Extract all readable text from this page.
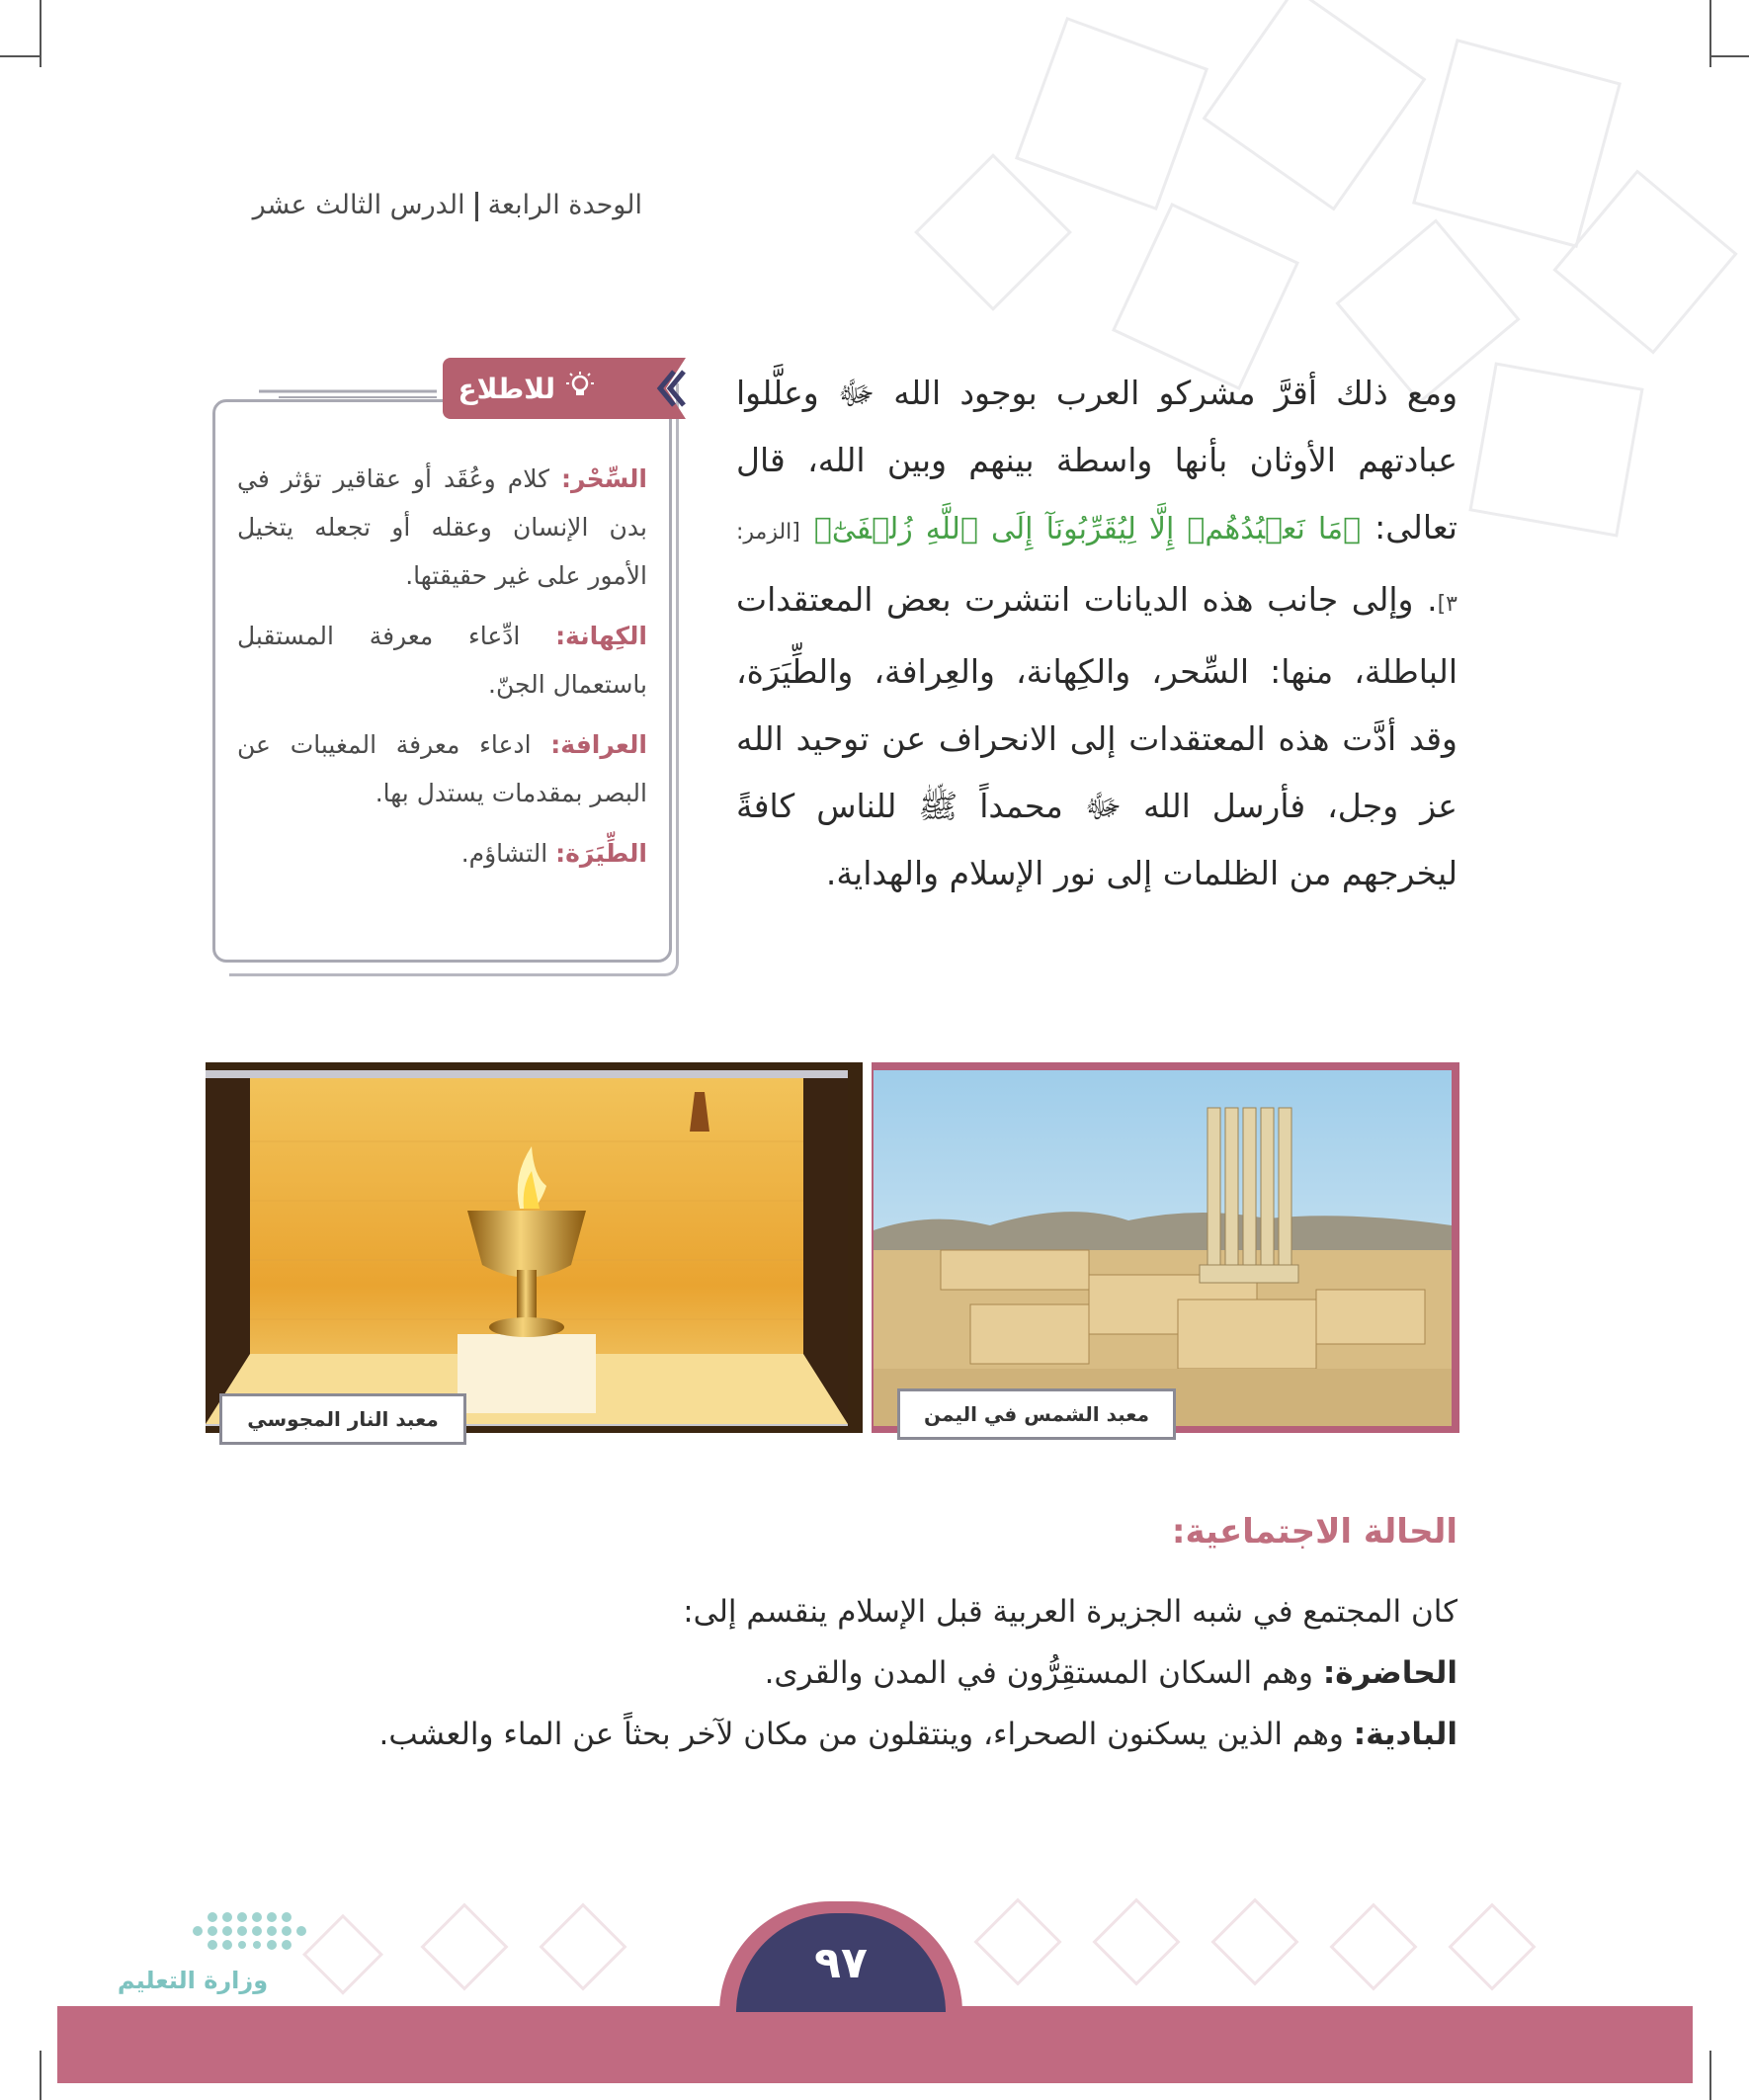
الوحدة الرابعةالدرس الثالث عشر
ومع ذلك أقرَّ مشركو العرب بوجود الله ﷻ وعلَّلوا عبادتهم الأوثان بأنها واسطة بينهم وبين الله، قال تعالى: ﴿مَا نَعۡبُدُهُمۡ إِلَّا لِيُقَرِّبُونَآ إِلَى ٱللَّهِ زُلۡفَىٰٓ﴾ [الزمر: ٣]. وإلى جانب هذه الديانات انتشرت بعض المعتقدات الباطلة، منها: السِّحر، والكِهانة، والعِرافة، والطِّيَرَة، وقد أدَّت هذه المعتقدات إلى الانحراف عن توحيد الله عز وجل، فأرسل الله ﷻ محمداً ﷺ للناس كافةً ليخرجهم من الظلمات إلى نور الإسلام والهداية.
للاطلاع

السِّحْر: كلام وعُقَد أو عقاقير تؤثر في بدن الإنسان وعقله أو تجعله يتخيل الأمور على غير حقيقتها.

الكِهانة: ادِّعاء معرفة المستقبل باستعمال الجنّ.

العرافة: ادعاء معرفة المغيبات عن البصر بمقدمات يستدل بها.

الطِّيَرَة: التشاؤم.

معبد النار المجوسي	معبد الشمس في اليمن
الحالة الاجتماعية:

كان المجتمع في شبه الجزيرة العربية قبل الإسلام ينقسم إلى:

الحاضرة: وهم السكان المستقِرُّون في المدن والقرى.

البادية: وهم الذين يسكنون الصحراء، وينتقلون من مكان لآخر بحثاً عن الماء والعشب.

٩٧
وزارة التعليم
